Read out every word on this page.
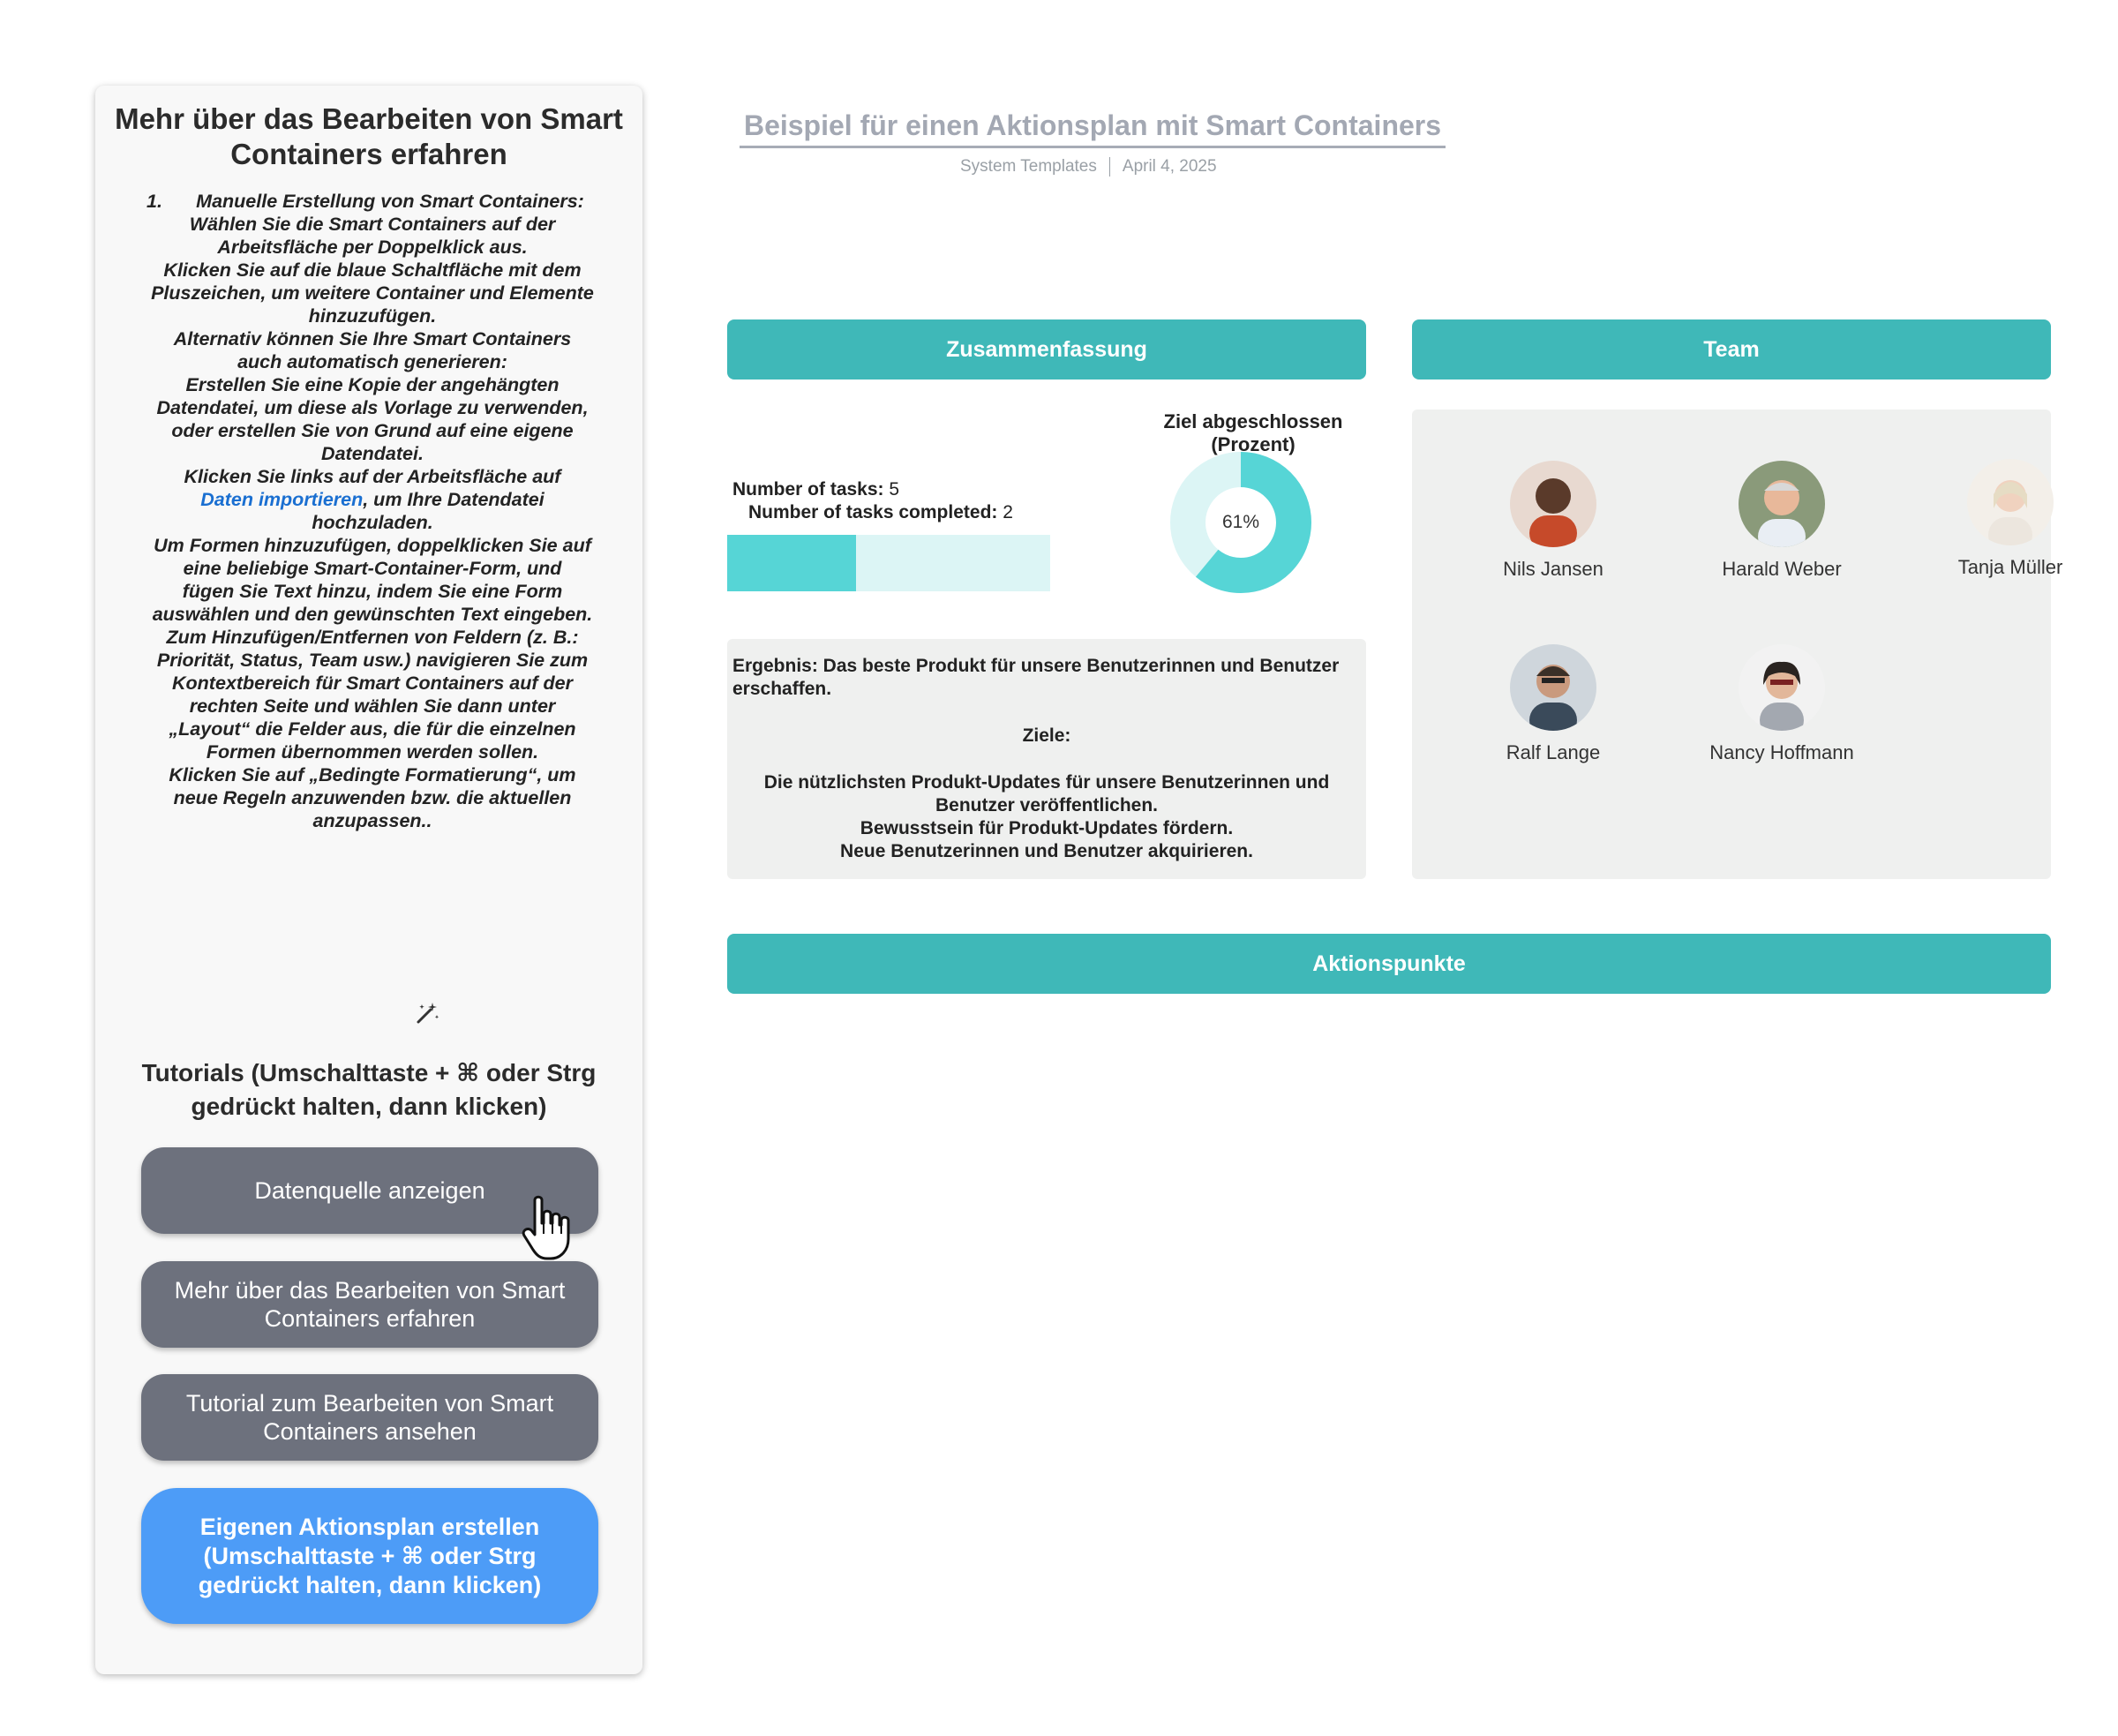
Mehr über das Bearbeiten von Smart Containers erfahren
1.	Manuelle Erstellung von Smart Containers:
Wählen Sie die Smart Containers auf der
Arbeitsfläche per Doppelklick aus.
Klicken Sie auf die blaue Schaltfläche mit dem
Pluszeichen, um weitere Container und Elemente
hinzuzufügen.
Alternativ können Sie Ihre Smart Containers
auch automatisch generieren:
Erstellen Sie eine Kopie der angehängten
Datendatei, um diese als Vorlage zu verwenden,
oder erstellen Sie von Grund auf eine eigene
Datendatei.
Klicken Sie links auf der Arbeitsfläche auf
Daten importieren, um Ihre Datendatei
hochzuladen.
Um Formen hinzuzufügen, doppelklicken Sie auf
eine beliebige Smart-Container-Form, und
fügen Sie Text hinzu, indem Sie eine Form
auswählen und den gewünschten Text eingeben.
Zum Hinzufügen/Entfernen von Feldern (z. B.:
Priorität, Status, Team usw.) navigieren Sie zum
Kontextbereich für Smart Containers auf der
rechten Seite und wählen Sie dann unter
„Layout“ die Felder aus, die für die einzelnen
Formen übernommen werden sollen.
Klicken Sie auf „Bedingte Formatierung“, um
neue Regeln anzuwenden bzw. die aktuellen
anzupassen..
Tutorials (Umschalttaste + ⌘ oder Strg gedrückt halten, dann klicken)
Datenquelle anzeigen
Mehr über das Bearbeiten von Smart Containers erfahren
Tutorial zum Bearbeiten von Smart Containers ansehen
Eigenen Aktionsplan erstellen (Umschalttaste + ⌘ oder Strg gedrückt halten, dann klicken)
Beispiel für einen Aktionsplan mit Smart Containers
System Templates April 4, 2025
Zusammenfassung	Team
Aktionspunkte
Number of tasks: 5
Number of tasks completed: 2
Ziel abgeschlossen (Prozent)
61%
Ergebnis: Das beste Produkt für unsere Benutzerinnen und Benutzer erschaffen.
Ziele:
Die nützlichsten Produkt-Updates für unsere Benutzerinnen und Benutzer veröffentlichen.
Bewusstsein für Produkt-Updates fördern.
Neue Benutzerinnen und Benutzer akquirieren.
Nils Jansen	Harald Weber	Tanja Müller
Ralf Lange	Nancy Hoffmann
